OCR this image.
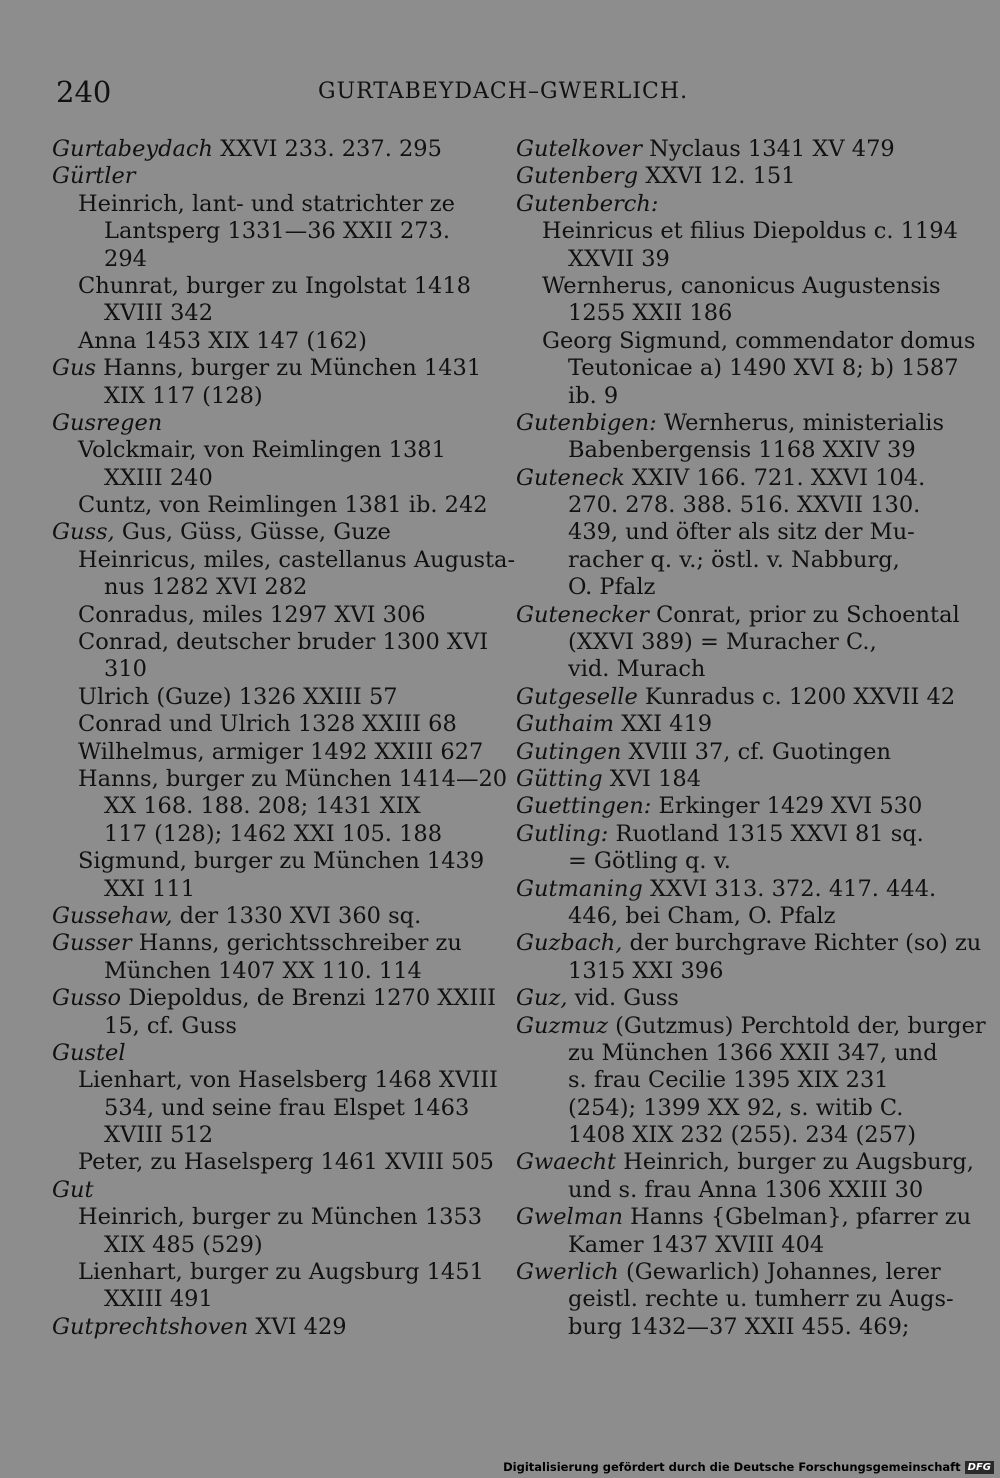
240	GURTABEYDACH–GWERLICH.
Gurtabeydach XXVI 233. 237. 295
Gürtler
Heinrich, lant- und statrichter ze
Lantsperg 1331—36 XXII 273.
294
Chunrat, burger zu Ingolstat 1418
XVIII 342
Anna 1453 XIX 147 (162)
Gus Hanns, burger zu München 1431
XIX 117 (128)
Gusregen
Volckmair, von Reimlingen 1381
XXIII 240
Cuntz, von Reimlingen 1381 ib. 242
Guss, Gus, Güss, Güsse, Guze
Heinricus, miles, castellanus Augusta-
nus 1282 XVI 282
Conradus, miles 1297 XVI 306
Conrad, deutscher bruder 1300 XVI
310
Ulrich (Guze) 1326 XXIII 57
Conrad und Ulrich 1328 XXIII 68
Wilhelmus, armiger 1492 XXIII 627
Hanns, burger zu München 1414—20
XX 168. 188. 208; 1431 XIX
117 (128); 1462 XXI 105. 188
Sigmund, burger zu München 1439
XXI 111
Gussehaw, der 1330 XVI 360 sq.
Gusser Hanns, gerichtsschreiber zu
München 1407 XX 110. 114
Gusso Diepoldus, de Brenzi 1270 XXIII
15, cf. Guss
Gustel
Lienhart, von Haselsberg 1468 XVIII
534, und seine frau Elspet 1463
XVIII 512
Peter, zu Haselsperg 1461 XVIII 505
Gut
Heinrich, burger zu München 1353
XIX 485 (529)
Lienhart, burger zu Augsburg 1451
XXIII 491
Gutprechtshoven XVI 429
Gutelkover Nyclaus 1341 XV 479
Gutenberg XXVI 12. 151
Gutenberch:
Heinricus et filius Diepoldus c. 1194
XXVII 39
Wernherus, canonicus Augustensis
1255 XXII 186
Georg Sigmund, commendator domus
Teutonicae a) 1490 XVI 8; b) 1587
ib. 9
Gutenbigen: Wernherus, ministerialis
Babenbergensis 1168 XXIV 39
Guteneck XXIV 166. 721. XXVI 104.
270. 278. 388. 516. XXVII 130.
439, und öfter als sitz der Mu-
racher q. v.; östl. v. Nabburg,
O. Pfalz
Gutenecker Conrat, prior zu Schoental
(XXVI 389) = Muracher C.,
vid. Murach
Gutgeselle Kunradus c. 1200 XXVII 42
Guthaim XXI 419
Gutingen XVIII 37, cf. Guotingen
Gütting XVI 184
Guettingen: Erkinger 1429 XVI 530
Gutling: Ruotland 1315 XXVI 81 sq.
= Götling q. v.
Gutmaning XXVI 313. 372. 417. 444.
446, bei Cham, O. Pfalz
Guzbach, der burchgrave Richter (so) zu
1315 XXI 396
Guz, vid. Guss
Guzmuz (Gutzmus) Perchtold der, burger
zu München 1366 XXII 347, und
s. frau Cecilie 1395 XIX 231
(254); 1399 XX 92, s. witib C.
1408 XIX 232 (255). 234 (257)
Gwaecht Heinrich, burger zu Augsburg,
und s. frau Anna 1306 XXIII 30
Gwelman Hanns {Gbelman}, pfarrer zu
Kamer 1437 XVIII 404
Gwerlich (Gewarlich) Johannes, lerer
geistl. rechte u. tumherr zu Augs-
burg 1432—37 XXII 455. 469;
Digitalisierung gefördert durch die Deutsche Forschungsgemeinschaft DFG
